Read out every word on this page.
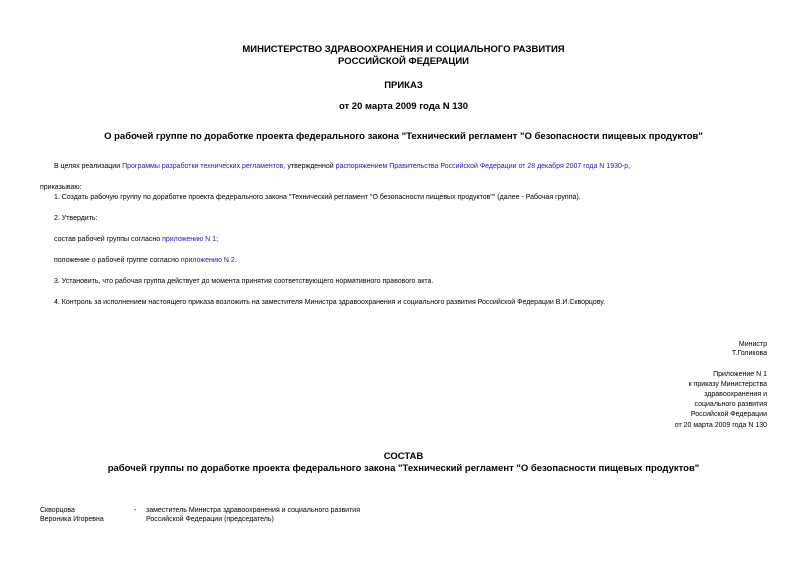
МИНИСТЕРСТВО ЗДРАВООХРАНЕНИЯ И СОЦИАЛЬНОГО РАЗВИТИЯ
РОССИЙСКОЙ ФЕДЕРАЦИИ
ПРИКАЗ
от 20 марта 2009 года N 130
О рабочей группе по доработке проекта федерального закона "Технический регламент "О безопасности пищевых продуктов"
В целях реализации Программы разработки технических регламентов, утвержденной распоряжением Правительства Российской Федерации от 28 декабря 2007 года N 1930-р,
приказываю:
1. Создать рабочую группу по доработке проекта федерального закона "Технический регламент "О безопасности пищевых продуктов"" (далее - Рабочая группа).
2. Утвердить:
состав рабочей группы согласно приложению N 1;
положение о рабочей группе согласно приложению N 2.
3. Установить, что рабочая группа действует до момента принятия соответствующего нормативного правового акта.
4. Контроль за исполнением настоящего приказа возложить на заместителя Министра здравоохранения и социального развития Российской Федерации В.И.Скворцову.
Министр
Т.Голикова
Приложение N 1
к приказу Министерства
здравоохранения и
социального развития
Российской Федерации
от 20 марта 2009 года N 130
СОСТАВ
рабочей группы по доработке проекта федерального закона "Технический регламент "О безопасности пищевых продуктов"
Скворцова
Вероника Игоревна
- заместитель Министра здравоохранения и социального развития
Российской Федерации (председатель)
